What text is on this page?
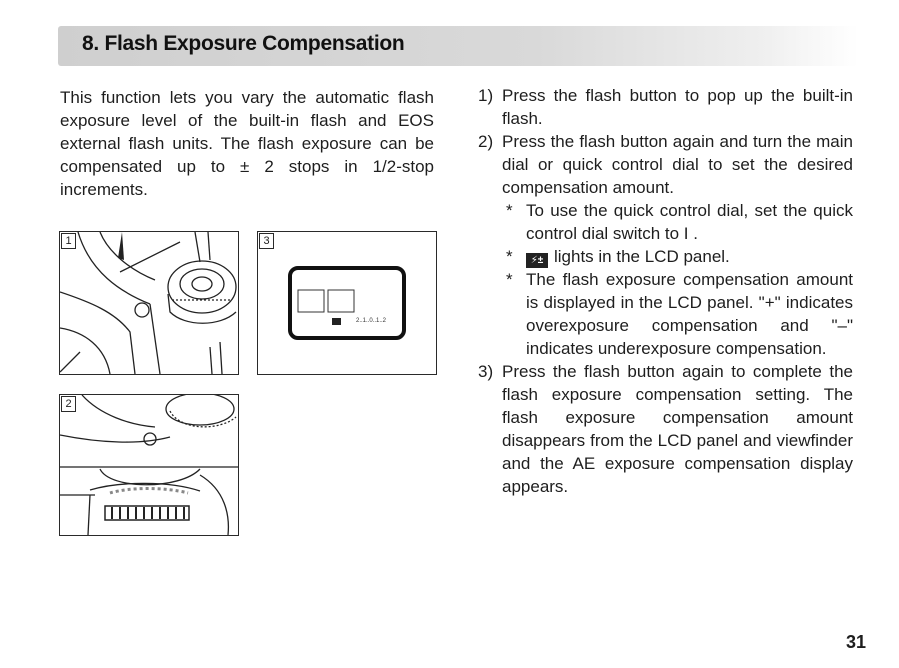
8. Flash Exposure Compensation

This function lets you vary the automatic flash exposure level of the built-in flash and EOS external flash units. The flash exposure can be compensated up to ± 2 stops in 1/2-stop increments.

1	3
2..1..0..1..2
2
1) Press the flash button to pop up the built-in flash.
2) Press the flash button again and turn the main dial or quick control dial to set the desired compensation amount.
* To use the quick control dial, set the quick control dial switch to I .
* ⚡± lights in the LCD panel.
* The flash exposure compensation amount is displayed in the LCD panel. "+" indicates overexposure compensation and "–" indicates underexposure compensation.
3) Press the flash button again to complete the flash exposure compensation setting. The flash exposure compensation amount disappears from the LCD panel and viewfinder and the AE exposure compensation display appears.
31
